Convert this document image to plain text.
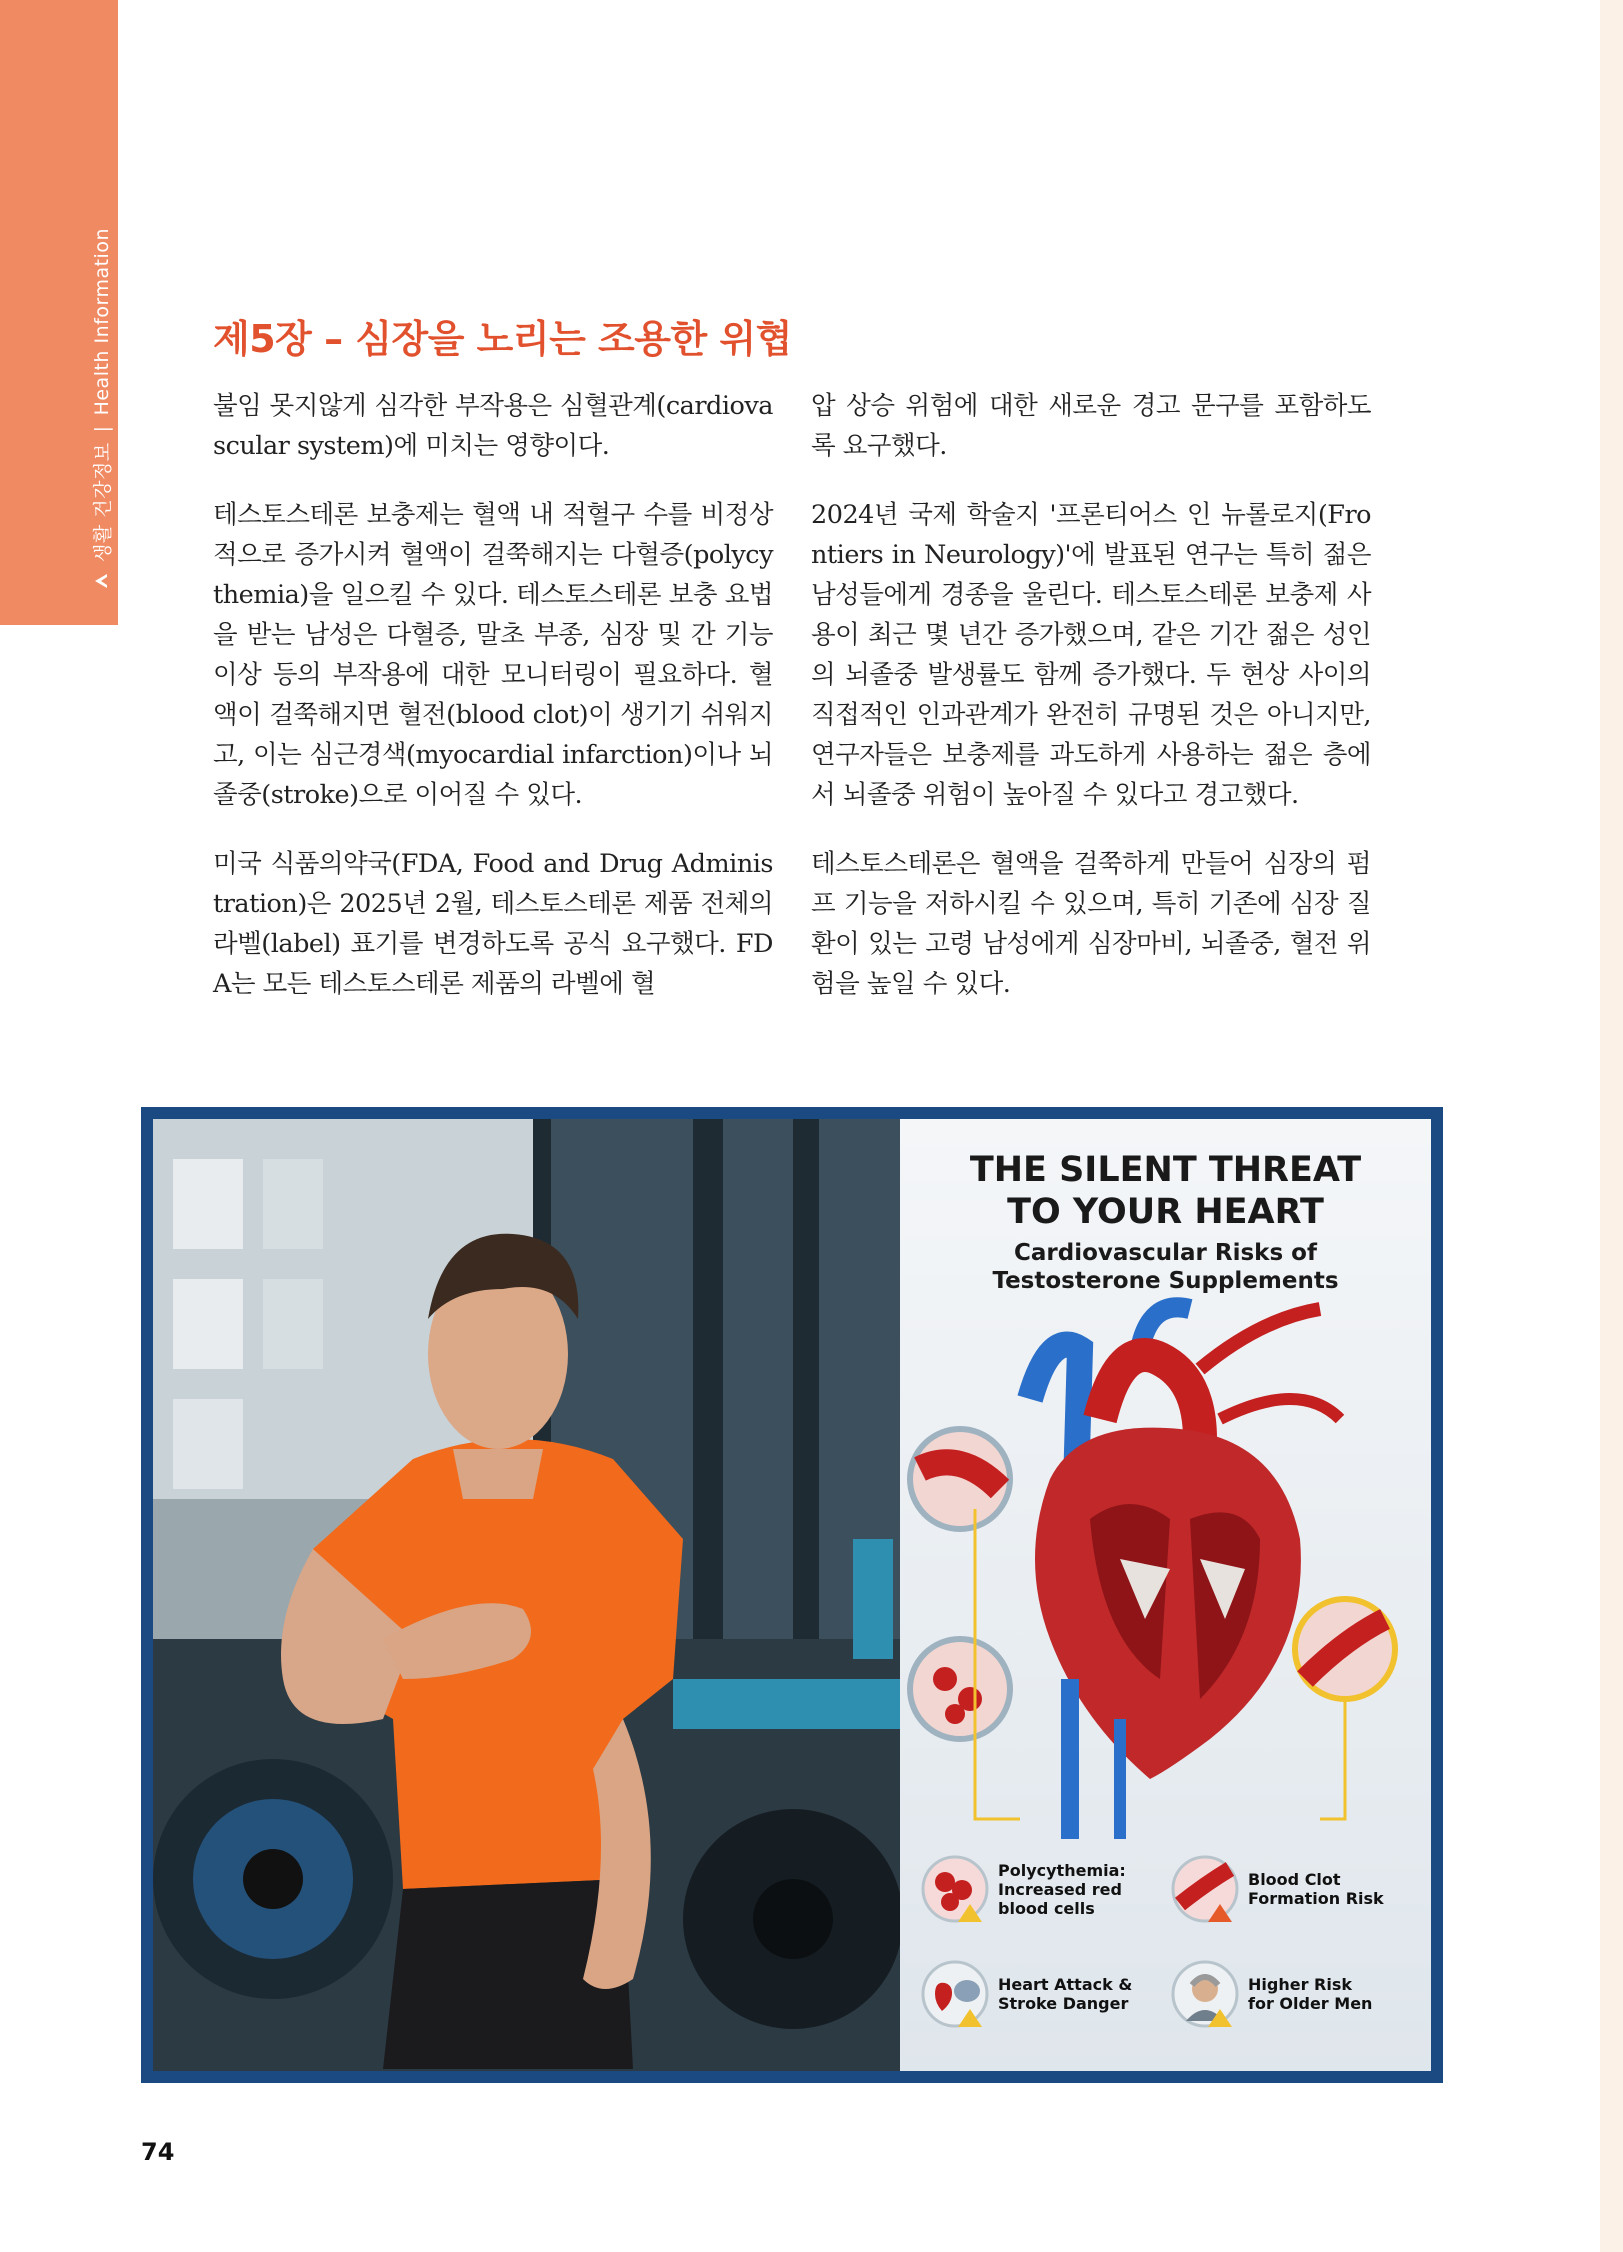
생활 건강정보
|
Health Information	제5장 – 심장을 노리는 조용한 위협

불임 못지않게 심각한 부작용은 심혈관계(cardiovascular system)에 미치는 영향이다.

테스토스테론 보충제는 혈액 내 적혈구 수를 비정상적으로 증가시켜 혈액이 걸쭉해지는 다혈증(polycythemia)을 일으킬 수 있다. 테스토스테론 보충 요법을 받는 남성은 다혈증, 말초 부종, 심장 및 간 기능 이상 등의 부작용에 대한 모니터링이 필요하다. 혈액이 걸쭉해지면 혈전(blood clot)이 생기기 쉬워지고, 이는 심근경색(myocardial infarction)이나 뇌졸중(stroke)으로 이어질 수 있다.

미국 식품의약국(FDA, Food and Drug Administration)은 2025년 2월, 테스토스테론 제품 전체의 라벨(label) 표기를 변경하도록 공식 요구했다. FDA는 모든 테스토스테론 제품의 라벨에 혈

압 상승 위험에 대한 새로운 경고 문구를 포함하도록 요구했다.

2024년 국제 학술지 '프론티어스 인 뉴롤로지(Frontiers in Neurology)'에 발표된 연구는 특히 젊은 남성들에게 경종을 울린다. 테스토스테론 보충제 사용이 최근 몇 년간 증가했으며, 같은 기간 젊은 성인의 뇌졸중 발생률도 함께 증가했다. 두 현상 사이의 직접적인 인과관계가 완전히 규명된 것은 아니지만, 연구자들은 보충제를 과도하게 사용하는 젊은 층에서 뇌졸중 위험이 높아질 수 있다고 경고했다.

테스토스테론은 혈액을 걸쭉하게 만들어 심장의 펌프 기능을 저하시킬 수 있으며, 특히 기존에 심장 질환이 있는 고령 남성에게 심장마비, 뇌졸중, 혈전 위험을 높일 수 있다.

THE SILENT THREAT
TO YOUR HEART
Cardiovascular Risks of
Testosterone Supplements
Polycythemia:
Increased red
blood cells
Blood Clot
Formation Risk
Heart Attack &
Stroke Danger
Higher Risk
for Older Men
74
